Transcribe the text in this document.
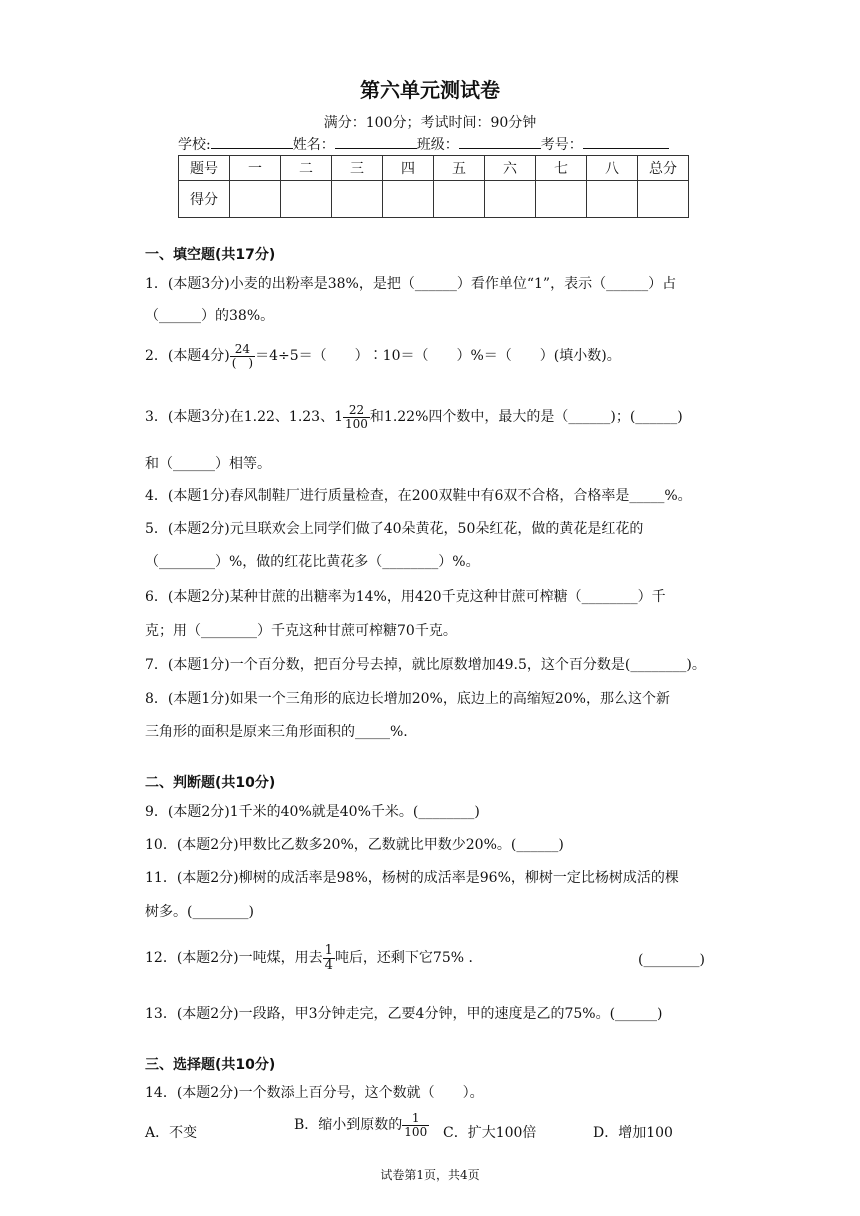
第六单元测试卷
满分：100分；考试时间：90分钟
学校:	姓名：	班级：	考号：
题号	一	二	三	四	五	六	七	八	总分
得分									
一、填空题(共17分)
1．(本题3分)小麦的出粉率是38%，是把（______）看作单位“1”，表示（______）占
（______）的38%。
2．(本题4分) $\frac{24}{( )} =4\div 5=$（　　）∶10＝（　　）%＝（　　）(填小数)。
3．(本题3分)在1.22、1.23、$1 \frac{22}{100}$ 和1.22%四个数中，最大的是（______)；(______)
和（______）相等。
4．(本题1分)春风制鞋厂进行质量检查，在200双鞋中有6双不合格，合格率是_____%。
5．(本题2分)元旦联欢会上同学们做了40朵黄花，50朵红花，做的黄花是红花的
（________）%，做的红花比黄花多（________）%。
6．(本题2分)某种甘蔗的出糖率为14%，用420千克这种甘蔗可榨糖（________）千
克；用（________）千克这种甘蔗可榨糖70千克。
7．(本题1分)一个百分数，把百分号去掉，就比原数增加49.5，这个百分数是(________)。
8．(本题1分)如果一个三角形的底边长增加20%，底边上的高缩短20%，那么这个新
三角形的面积是原来三角形面积的_____%.
二、判断题(共10分)
9．(本题2分)1千米的40%就是40%千米。(________)
10．(本题2分)甲数比乙数多20%，乙数就比甲数少20%。(______)
11．(本题2分)柳树的成活率是98%，杨树的成活率是96%，柳树一定比杨树成活的棵
树多。(________)
12．(本题2分)一吨煤，用去 $\frac{1}{4}$ 吨后，还剩下它75% ．	(________)
13．(本题2分)一段路，甲3分钟走完，乙要4分钟，甲的速度是乙的75%。(______)
三、选择题(共10分)
14．(本题2分)一个数添上百分号，这个数就（　　）。
A．不变	B．缩小到原数的 $\frac{1}{100}$ C．扩大100倍	D．增加100
试卷第1页，共4页
